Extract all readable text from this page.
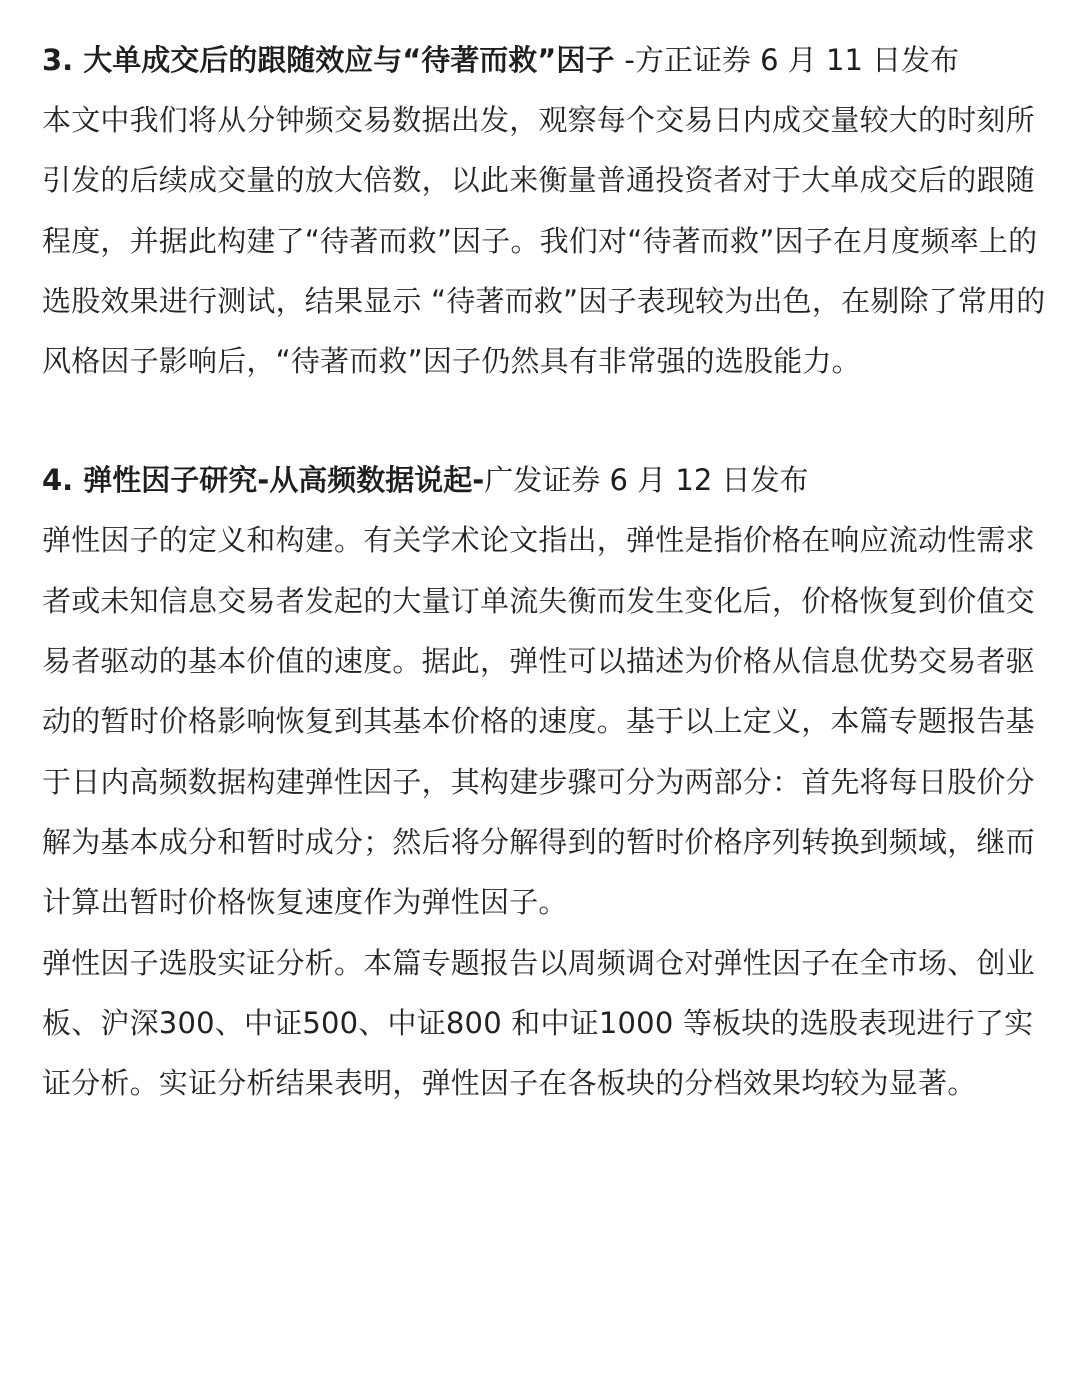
3. 大单成交后的跟随效应与“待著而救”因子 -方正证券 6 月 11 日发布

本文中我们将从分钟频交易数据出发，观察每个交易日内成交量较大的时刻所引发的后续成交量的放大倍数，以此来衡量普通投资者对于大单成交后的跟随程度，并据此构建了“待著而救”因子。我们对“待著而救”因子在月度频率上的选股效果进行测试，结果显示 “待著而救”因子表现较为出色，在剔除了常用的风格因子影响后，“待著而救”因子仍然具有非常强的选股能力。

4. 弹性因子研究-从高频数据说起-广发证券 6 月 12 日发布

弹性因子的定义和构建。有关学术论文指出，弹性是指价格在响应流动性需求者或未知信息交易者发起的大量订单流失衡而发生变化后，价格恢复到价值交易者驱动的基本价值的速度。据此，弹性可以描述为价格从信息优势交易者驱动的暂时价格影响恢复到其基本价格的速度。基于以上定义，本篇专题报告基于日内高频数据构建弹性因子，其构建步骤可分为两部分：首先将每日股价分解为基本成分和暂时成分；然后将分解得到的暂时价格序列转换到频域，继而计算出暂时价格恢复速度作为弹性因子。

弹性因子选股实证分析。本篇专题报告以周频调仓对弹性因子在全市场、创业板、沪深300、中证500、中证800 和中证1000 等板块的选股表现进行了实证分析。实证分析结果表明，弹性因子在各板块的分档效果均较为显著。
